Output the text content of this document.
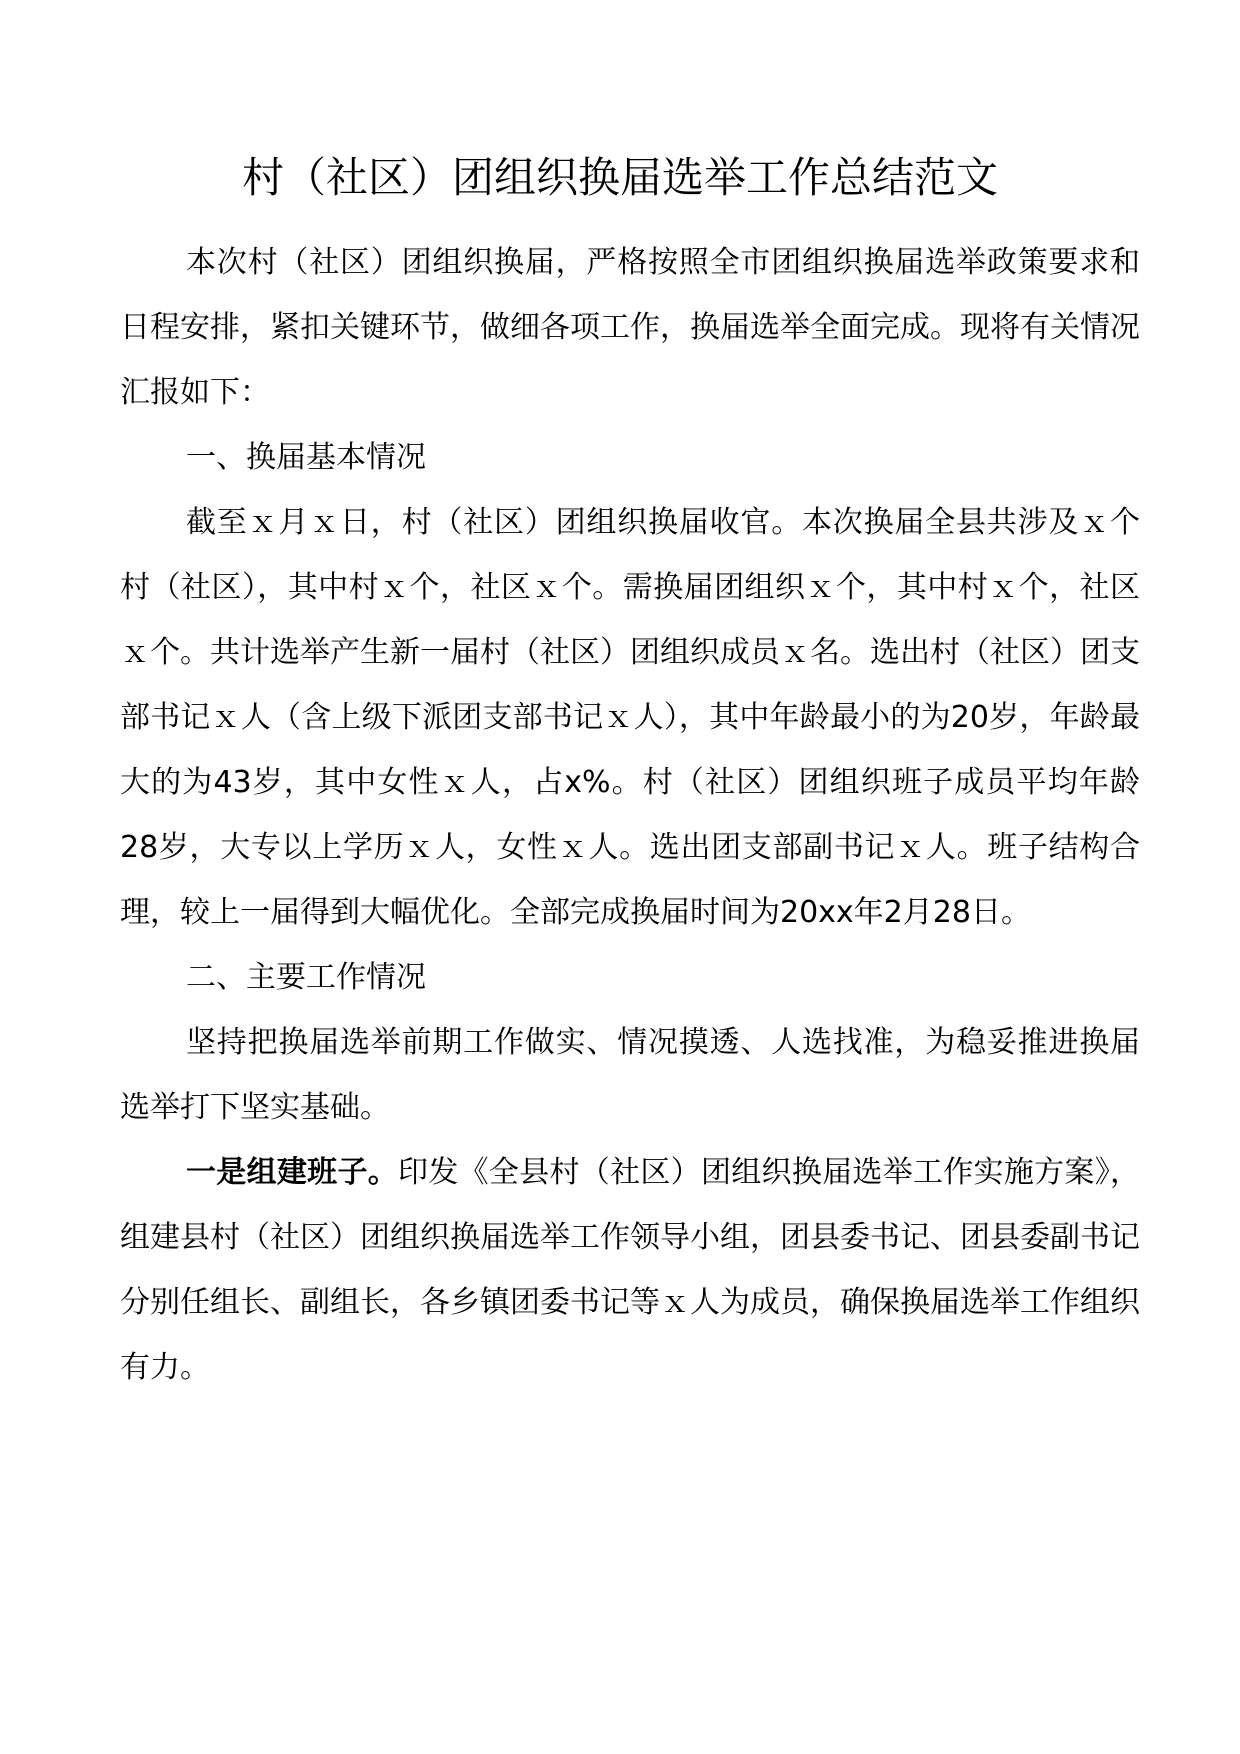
村（社区）团组织换届选举工作总结范文

本次村（社区）团组织换届，严格按照全市团组织换届选举政策要求和日程安排，紧扣关键环节，做细各项工作，换届选举全面完成。现将有关情况汇报如下：

一、换届基本情况

截至ｘ月ｘ日，村（社区）团组织换届收官。本次换届全县共涉及ｘ个村（社区），其中村ｘ个，社区ｘ个。需换届团组织ｘ个，其中村ｘ个，社区ｘ个。共计选举产生新一届村（社区）团组织成员ｘ名。选出村（社区）团支部书记ｘ人（含上级下派团支部书记ｘ人），其中年龄最小的为20岁，年龄最大的为43岁，其中女性ｘ人，占x%。村（社区）团组织班子成员平均年龄28岁，大专以上学历ｘ人，女性ｘ人。选出团支部副书记ｘ人。班子结构合理，较上一届得到大幅优化。全部完成换届时间为20xx年2月28日。

二、主要工作情况

坚持把换届选举前期工作做实、情况摸透、人选找准，为稳妥推进换届选举打下坚实基础。

一是组建班子。印发《全县村（社区）团组织换届选举工作实施方案》，组建县村（社区）团组织换届选举工作领导小组，团县委书记、团县委副书记分别任组长、副组长，各乡镇团委书记等ｘ人为成员，确保换届选举工作组织有力。
